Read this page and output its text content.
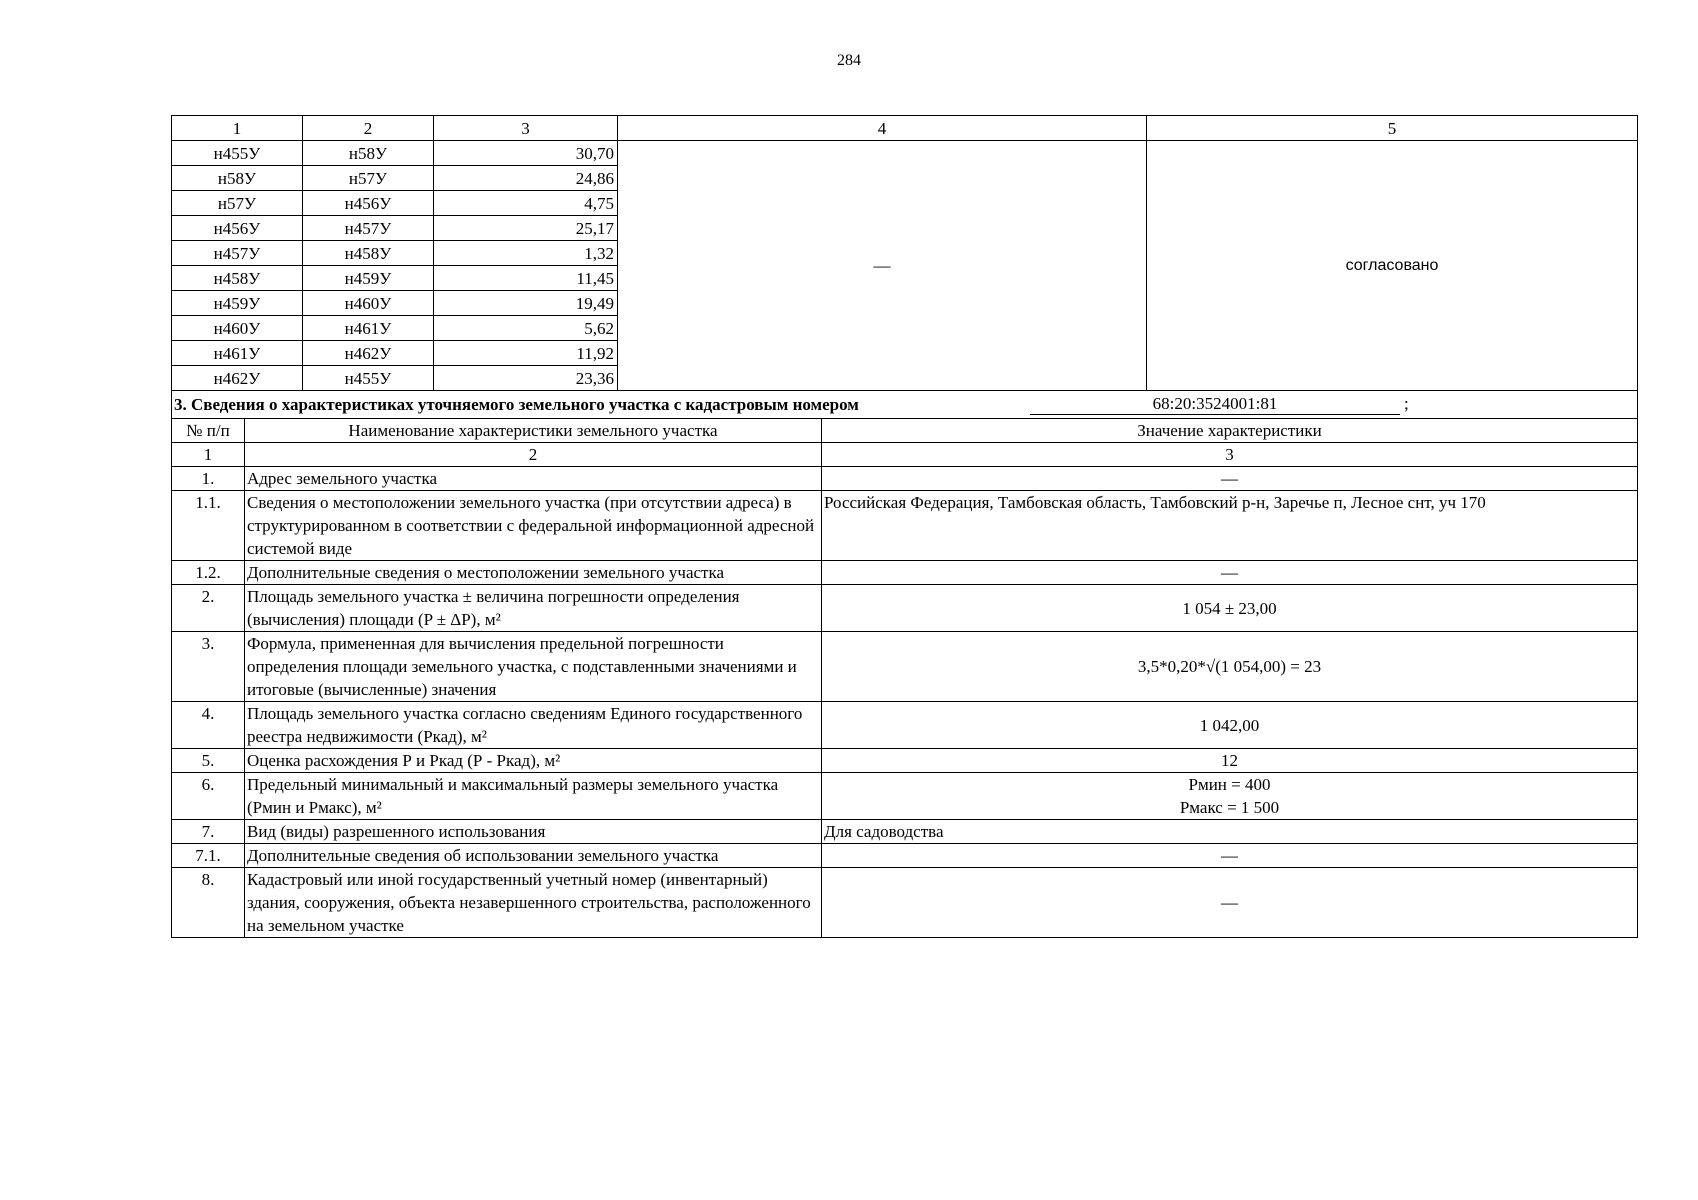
284
1	2	3	4	5
н455У	н58У	30,70	—	согласовано
н58У	н57У	24,86		
н57У	н456У	4,75		
н456У	н457У	25,17		
н457У	н458У	1,32		
н458У	н459У	11,45		
н459У	н460У	19,49		
н460У	н461У	5,62		
н461У	н462У	11,92		
н462У	н455У	23,36		
3. Сведения о характеристиках уточняемого земельного участка с кадастровым номером 68:20:3524001:81 ;		

№ п/п	Наименование характеристики земельного участка	Значение характеристики
1	2	3
1.	Адрес земельного участка	—
1.1.	Сведения о местоположении земельного участка (при отсутствии адреса) в структурированном в соответствии с федеральной информационной адресной системой виде	Российская Федерация, Тамбовская область, Тамбовский р-н, Заречье п, Лесное снт, уч 170
1.2.	Дополнительные сведения о местоположении земельного участка	—
2.	Площадь земельного участка ± величина погрешности определения (вычисления) площади (P ± ΔP), м²	1 054 ± 23,00
3.	Формула, примененная для вычисления предельной погрешности определения площади земельного участка, с подставленными значениями и итоговые (вычисленные) значения	3,5*0,20*√(1 054,00) = 23
4.	Площадь земельного участка согласно сведениям Единого государственного реестра недвижимости (Ркад), м²	1 042,00
5.	Оценка расхождения Р и Ркад (Р - Ркад), м²	12
6.	Предельный минимальный и максимальный размеры земельного участка (Рмин и Рмакс), м²	Рмин = 400
Рмакс = 1 500

7.	Вид (виды) разрешенного использования	Для садоводства
7.1.	Дополнительные сведения об использовании земельного участка	—
8.	Кадастровый или иной государственный учетный номер (инвентарный) здания, сооружения, объекта незавершенного строительства, расположенного на земельном участке	—
